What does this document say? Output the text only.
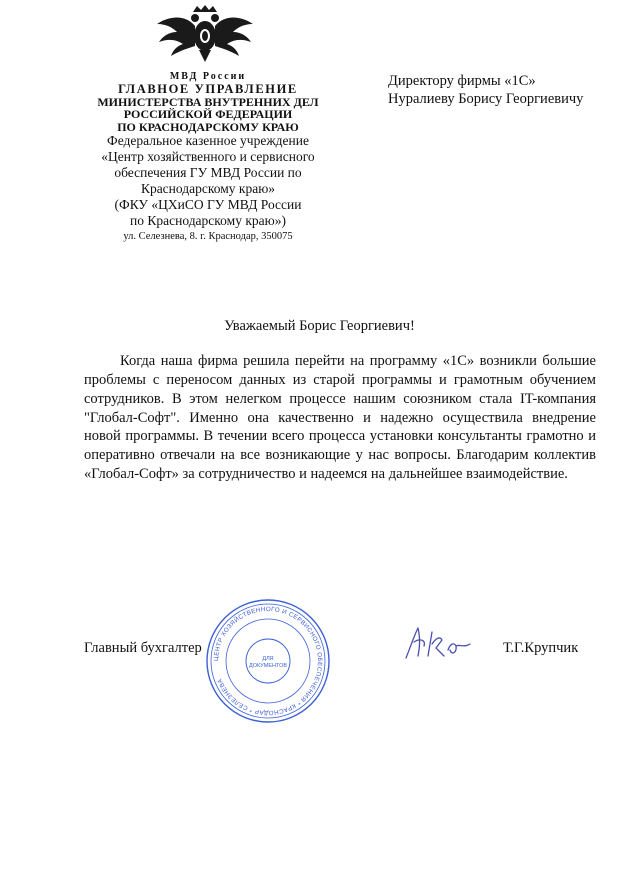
МВД России
ГЛАВНОЕ УПРАВЛЕНИЕ
МИНИСТЕРСТВА ВНУТРЕННИХ ДЕЛ
РОССИЙСКОЙ ФЕДЕРАЦИИ
ПО КРАСНОДАРСКОМУ КРАЮ
Федеральное казенное учреждение
«Центр хозяйственного и сервисного
обеспечения ГУ МВД России по
Краснодарскому краю»
(ФКУ «ЦХиСО ГУ МВД России
по Краснодарскому краю»)
ул. Селезнева, 8. г. Краснодар, 350075
Директору фирмы «1С»
Нуралиеву Борису Георгиевичу
Уважаемый Борис Георгиевич!

Когда наша фирма решила перейти на программу «1С» возникли большие проблемы с переносом данных из старой программы и грамотным обучением сотрудников. В этом нелегком процессе нашим союзником стала IT-компания "Глобал-Софт". Именно она качественно и надежно осуществила внедрение новой программы. В течении всего процесса установки консультанты грамотно и оперативно отвечали на все возникающие у нас вопросы. Благодарим коллектив «Глобал-Софт» за сотрудничество и надеемся на дальнейшее взаимодействие.

Главный бухгалтер
ЦЕНТР ХОЗЯЙСТВЕННОГО И СЕРВИСНОГО ОБЕСПЕЧЕНИЯ * КРАСНОДАР * СЕЛЕЗНЕВА
ДЛЯ
ДОКУМЕНТОВ
Т.Г.Крупчик
